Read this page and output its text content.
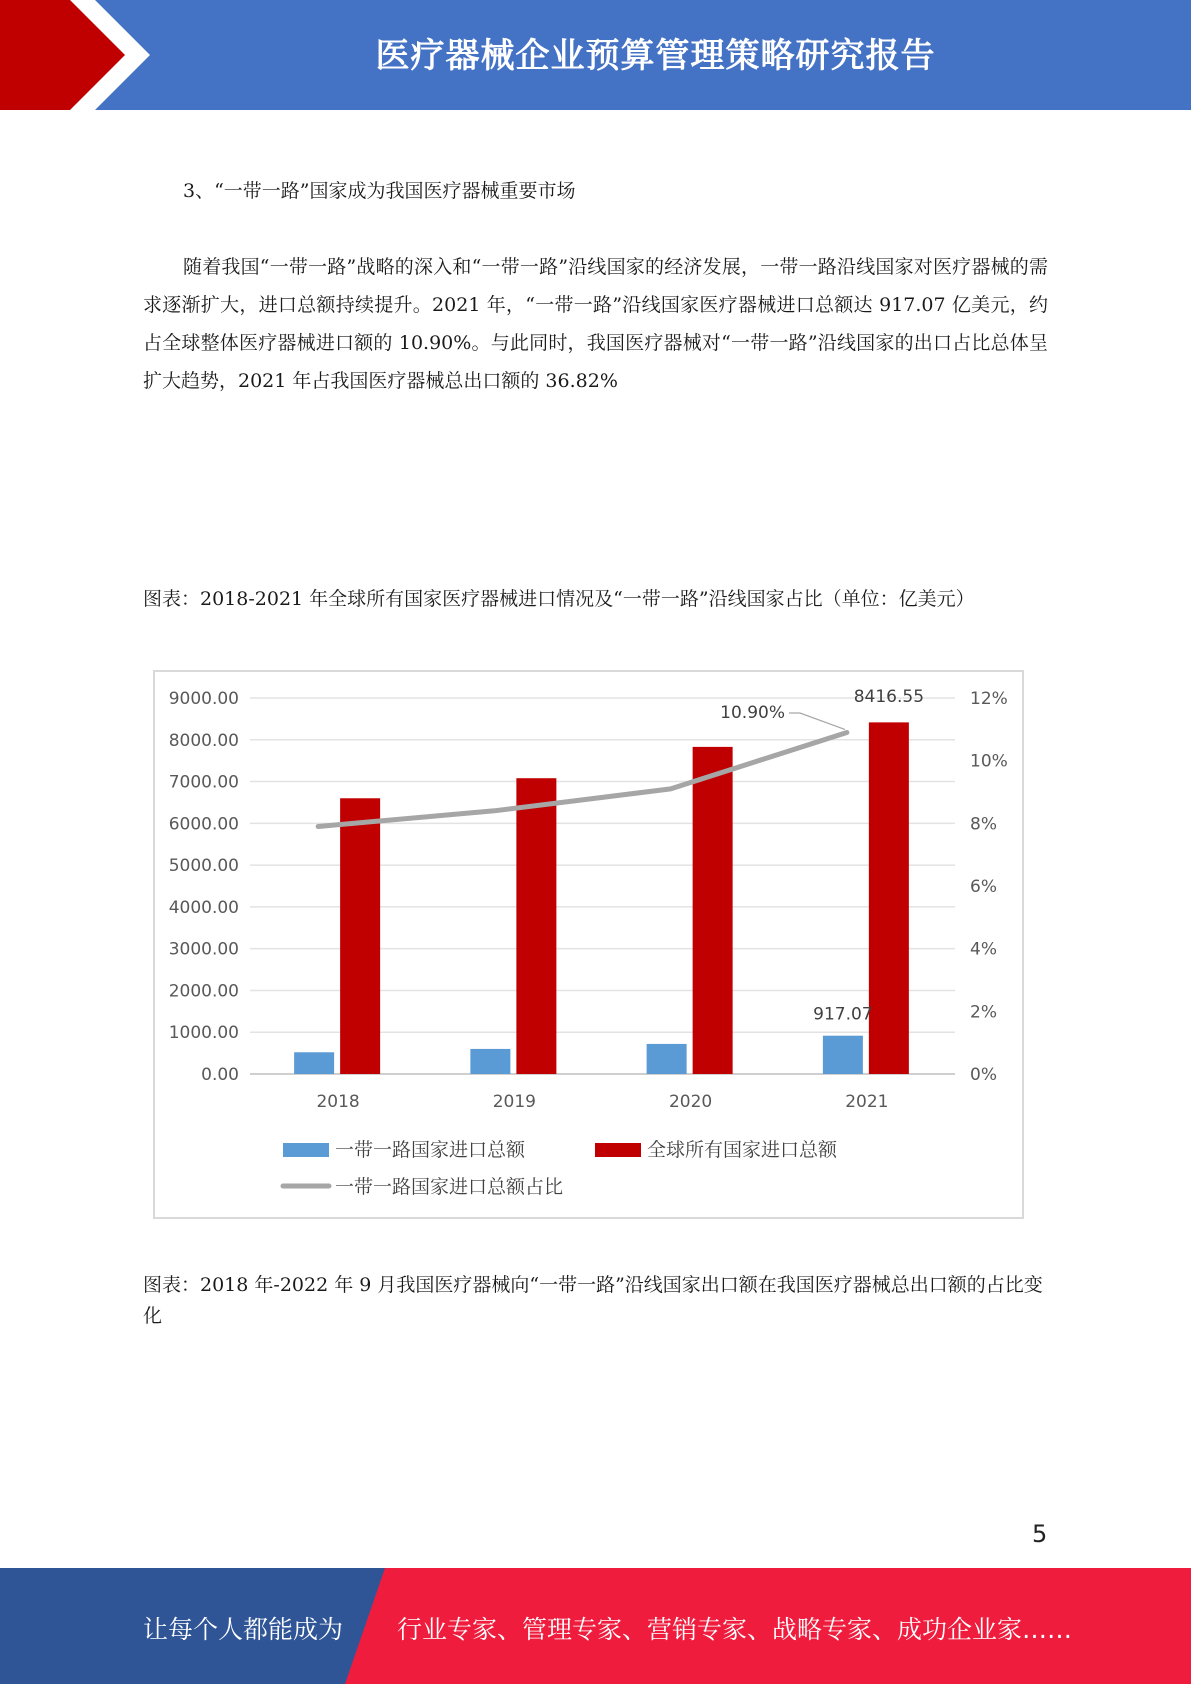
医疗器械企业预算管理策略研究报告
3、“一带一路”国家成为我国医疗器械重要市场
随着我国“一带一路”战略的深入和“一带一路”沿线国家的经济发展，一带一路沿线国家对医疗器械的需求逐渐扩大，进口总额持续提升。2021 年，“一带一路”沿线国家医疗器械进口总额达 917.07 亿美元，约占全球整体医疗器械进口额的 10.90%。与此同时，我国医疗器械对“一带一路”沿线国家的出口占比总体呈扩大趋势，2021 年占我国医疗器械总出口额的 36.82%
图表：2018-2021 年全球所有国家医疗器械进口情况及“一带一路”沿线国家占比（单位：亿美元）
0.00
1000.00
2000.00
3000.00
4000.00
5000.00
6000.00
7000.00
8000.00
9000.00
0%
2%
4%
6%
8%
10%
12%
2018	2019	2020	2021
917.07
8416.55
10.90%
一带一路国家进口总额	全球所有国家进口总额
一带一路国家进口总额占比
图表：2018 年-2022 年 9 月我国医疗器械向“一带一路”沿线国家出口额在我国医疗器械总出口额的占比变化
5
让每个人都能成为 行业专家、管理专家、营销专家、战略专家、成功企业家……
